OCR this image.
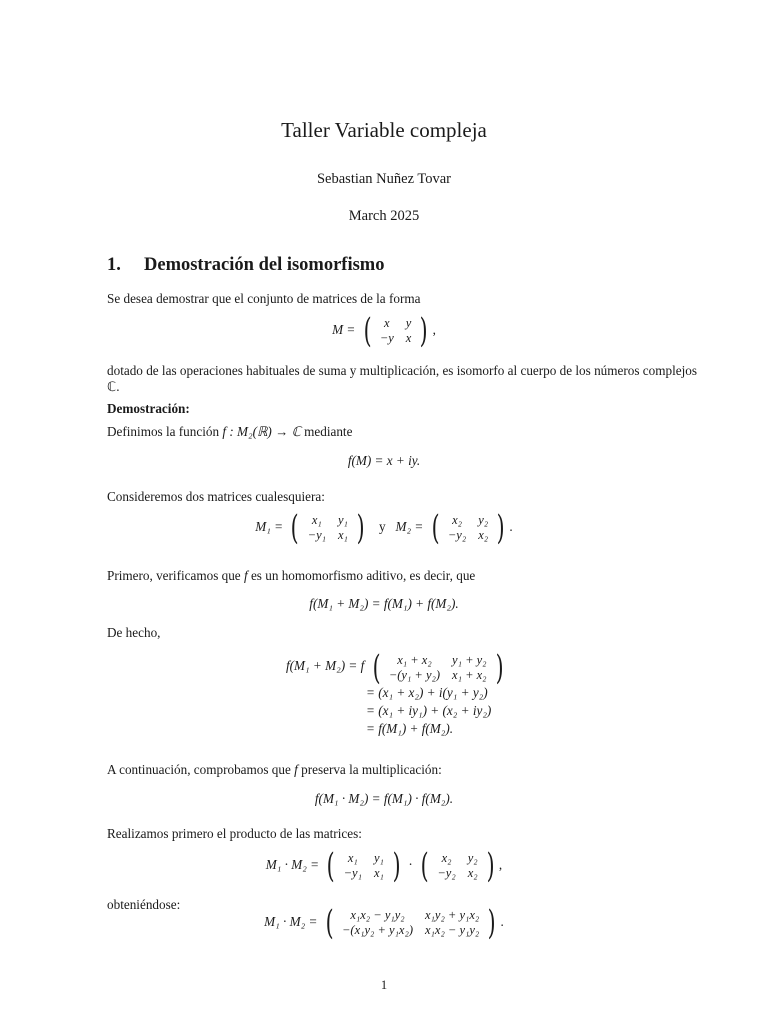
Taller Variable compleja
Sebastian Nuñez Tovar
March 2025
1. Demostración del isomorfismo
Se desea demostrar que el conjunto de matrices de la forma
M = ( x	y
−y	x ) ,
dotado de las operaciones habituales de suma y multiplicación, es isomorfo al cuerpo de los números complejos ℂ.
Demostración:
Definimos la función f : M₂(ℝ) → ℂ mediante
f(M) = x + iy.
Consideremos dos matrices cualesquiera:
M₁ = ( x₁	y₁
−y₁	x₁ ) y M₂ = ( x₂	y₂
−y₂	x₂ ) .
Primero, verificamos que f es un homomorfismo aditivo, es decir, que
f(M₁ + M₂) = f(M₁) + f(M₂).
De hecho,
f(M₁ + M₂) = f ( x₁ + x₂	y₁ + y₂
−(y₁ + y₂)	x₁ + x₂ )
= (x₁ + x₂) + i(y₁ + y₂)
= (x₁ + iy₁) + (x₂ + iy₂)
= f(M₁) + f(M₂).
A continuación, comprobamos que f preserva la multiplicación:
f(M₁ · M₂) = f(M₁) · f(M₂).
Realizamos primero el producto de las matrices:
M₁ · M₂ = ( x₁	y₁
−y₁	x₁ ) · ( x₂	y₂
−y₂	x₂ ) ,
obteniéndose:
M₁ · M₂ = ( x₁x₂ − y₁y₂	x₁y₂ + y₁x₂
−(x₁y₂ + y₁x₂)	x₁x₂ − y₁y₂ ) .
1
